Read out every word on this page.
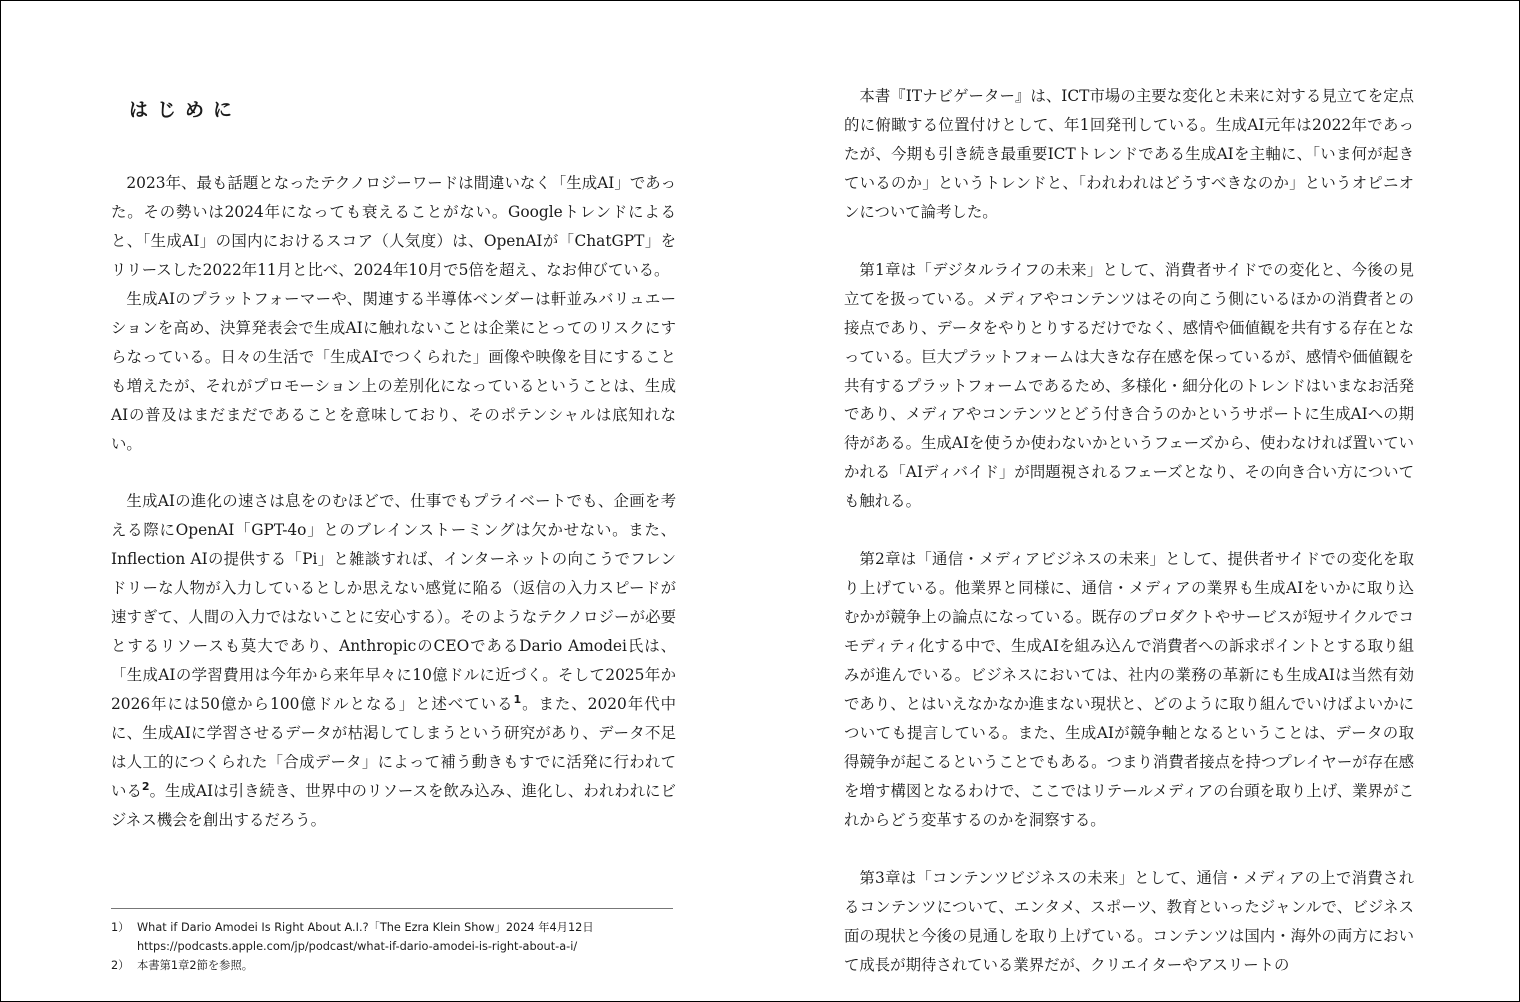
はじめに

2023年、最も話題となったテクノロジーワードは間違いなく「生成AI」であった。その勢いは2024年になっても衰えることがない。Googleトレンドによると、「生成AI」の国内におけるスコア（人気度）は、OpenAIが「ChatGPT」をリリースした2022年11月と比べ、2024年10月で5倍を超え、なお伸びている。

生成AIのプラットフォーマーや、関連する半導体ベンダーは軒並みバリュエーションを高め、決算発表会で生成AIに触れないことは企業にとってのリスクにすらなっている。日々の生活で「生成AIでつくられた」画像や映像を目にすることも増えたが、それがプロモーション上の差別化になっているということは、生成AIの普及はまだまだであることを意味しており、そのポテンシャルは底知れない。

生成AIの進化の速さは息をのむほどで、仕事でもプライベートでも、企画を考える際にOpenAI「GPT-4o」とのブレインストーミングは欠かせない。また、Inflection AIの提供する「Pi」と雑談すれば、インターネットの向こうでフレンドリーな人物が入力しているとしか思えない感覚に陥る（返信の入力スピードが速すぎて、人間の入力ではないことに安心する）。そのようなテクノロジーが必要とするリソースも莫大であり、AnthropicのCEOであるDario Amodei氏は、「生成AIの学習費用は今年から来年早々に10億ドルに近づく。そして2025年か2026年には50億から100億ドルとなる」と述べている$^1$。また、2020年代中に、生成AIに学習させるデータが枯渇してしまうという研究があり、データ不足は人工的につくられた「合成データ」によって補う動きもすでに活発に行われている$^2$。生成AIは引き続き、世界中のリソースを飲み込み、進化し、われわれにビジネス機会を創出するだろう。

1） What if Dario Amodei Is Right About A.I.?「The Ezra Klein Show」2024 年4月12日　https://podcasts.apple.com/jp/podcast/what-if-dario-amodei-is-right-about-a-i/
2） 本書第1章2節を参照。

本書『ITナビゲーター』は、ICT市場の主要な変化と未来に対する見立てを定点的に俯瞰する位置付けとして、年1回発刊している。生成AI元年は2022年であったが、今期も引き続き最重要ICTトレンドである生成AIを主軸に、「いま何が起きているのか」というトレンドと、「われわれはどうすべきなのか」というオピニオンについて論考した。

第1章は「デジタルライフの未来」として、消費者サイドでの変化と、今後の見立てを扱っている。メディアやコンテンツはその向こう側にいるほかの消費者との接点であり、データをやりとりするだけでなく、感情や価値観を共有する存在となっている。巨大プラットフォームは大きな存在感を保っているが、感情や価値観を共有するプラットフォームであるため、多様化・細分化のトレンドはいまなお活発であり、メディアやコンテンツとどう付き合うのかというサポートに生成AIへの期待がある。生成AIを使うか使わないかというフェーズから、使わなければ置いていかれる「AIディバイド」が問題視されるフェーズとなり、その向き合い方についても触れる。

第2章は「通信・メディアビジネスの未来」として、提供者サイドでの変化を取り上げている。他業界と同様に、通信・メディアの業界も生成AIをいかに取り込むかが競争上の論点になっている。既存のプロダクトやサービスが短サイクルでコモディティ化する中で、生成AIを組み込んで消費者への訴求ポイントとする取り組みが進んでいる。ビジネスにおいては、社内の業務の革新にも生成AIは当然有効であり、とはいえなかなか進まない現状と、どのように取り組んでいけばよいかについても提言している。また、生成AIが競争軸となるということは、データの取得競争が起こるということでもある。つまり消費者接点を持つプレイヤーが存在感を増す構図となるわけで、ここではリテールメディアの台頭を取り上げ、業界がこれからどう変革するのかを洞察する。

第3章は「コンテンツビジネスの未来」として、通信・メディアの上で消費されるコンテンツについて、エンタメ、スポーツ、教育といったジャンルで、ビジネス面の現状と今後の見通しを取り上げている。コンテンツは国内・海外の両方において成長が期待されている業界だが、クリエイターやアスリートの
